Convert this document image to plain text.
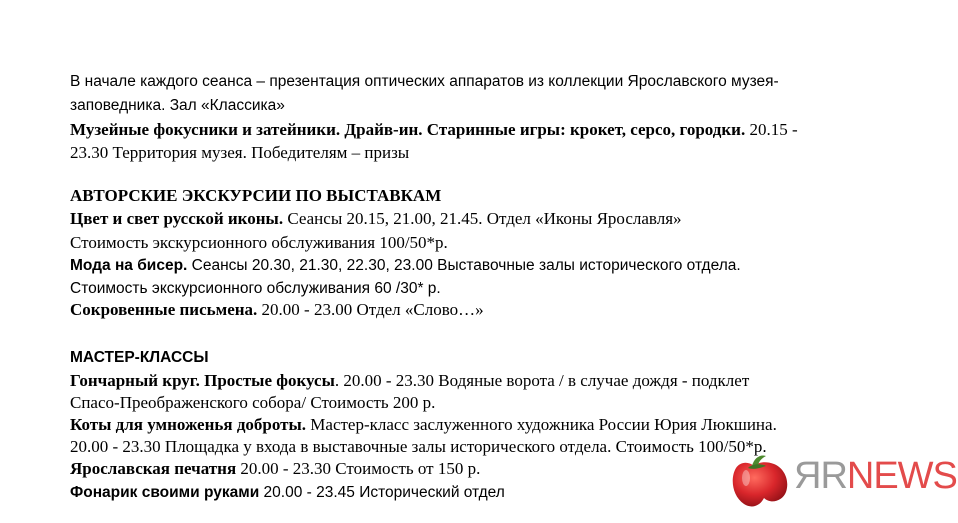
В начале каждого сеанса – презентация оптических аппаратов из коллекции Ярославского музея-
заповедника. Зал «Классика»
Музейные фокусники и затейники. Драйв-ин. Старинные игры: крокет, серсо, городки. 20.15 -
23.30 Территория музея. Победителям – призы
АВТОРСКИЕ ЭКСКУРСИИ ПО ВЫСТАВКАМ
Цвет и свет русской иконы. Сеансы 20.15, 21.00, 21.45. Отдел «Иконы Ярославля»
Стоимость экскурсионного обслуживания 100/50*р.
Мода на бисер. Сеансы 20.30, 21.30, 22.30, 23.00 Выставочные залы исторического отдела.
Стоимость экскурсионного обслуживания 60 /30* р.
Сокровенные письмена. 20.00 - 23.00 Отдел «Слово…»
МАСТЕР-КЛАССЫ
Гончарный круг. Простые фокусы. 20.00 - 23.30 Водяные ворота / в случае дождя - подклет
Спасо-Преображенского собора/ Стоимость 200 р.
Коты для умноженья доброты. Мастер-класс заслуженного художника России Юрия Люкшина.
20.00 - 23.30 Площадка у входа в выставочные залы исторического отдела. Стоимость 100/50*р.
Ярославская печатня 20.00 - 23.30 Стоимость от 150 р.
Фонарик своими руками 20.00 - 23.45 Исторический отдел	ЯRNEWS
